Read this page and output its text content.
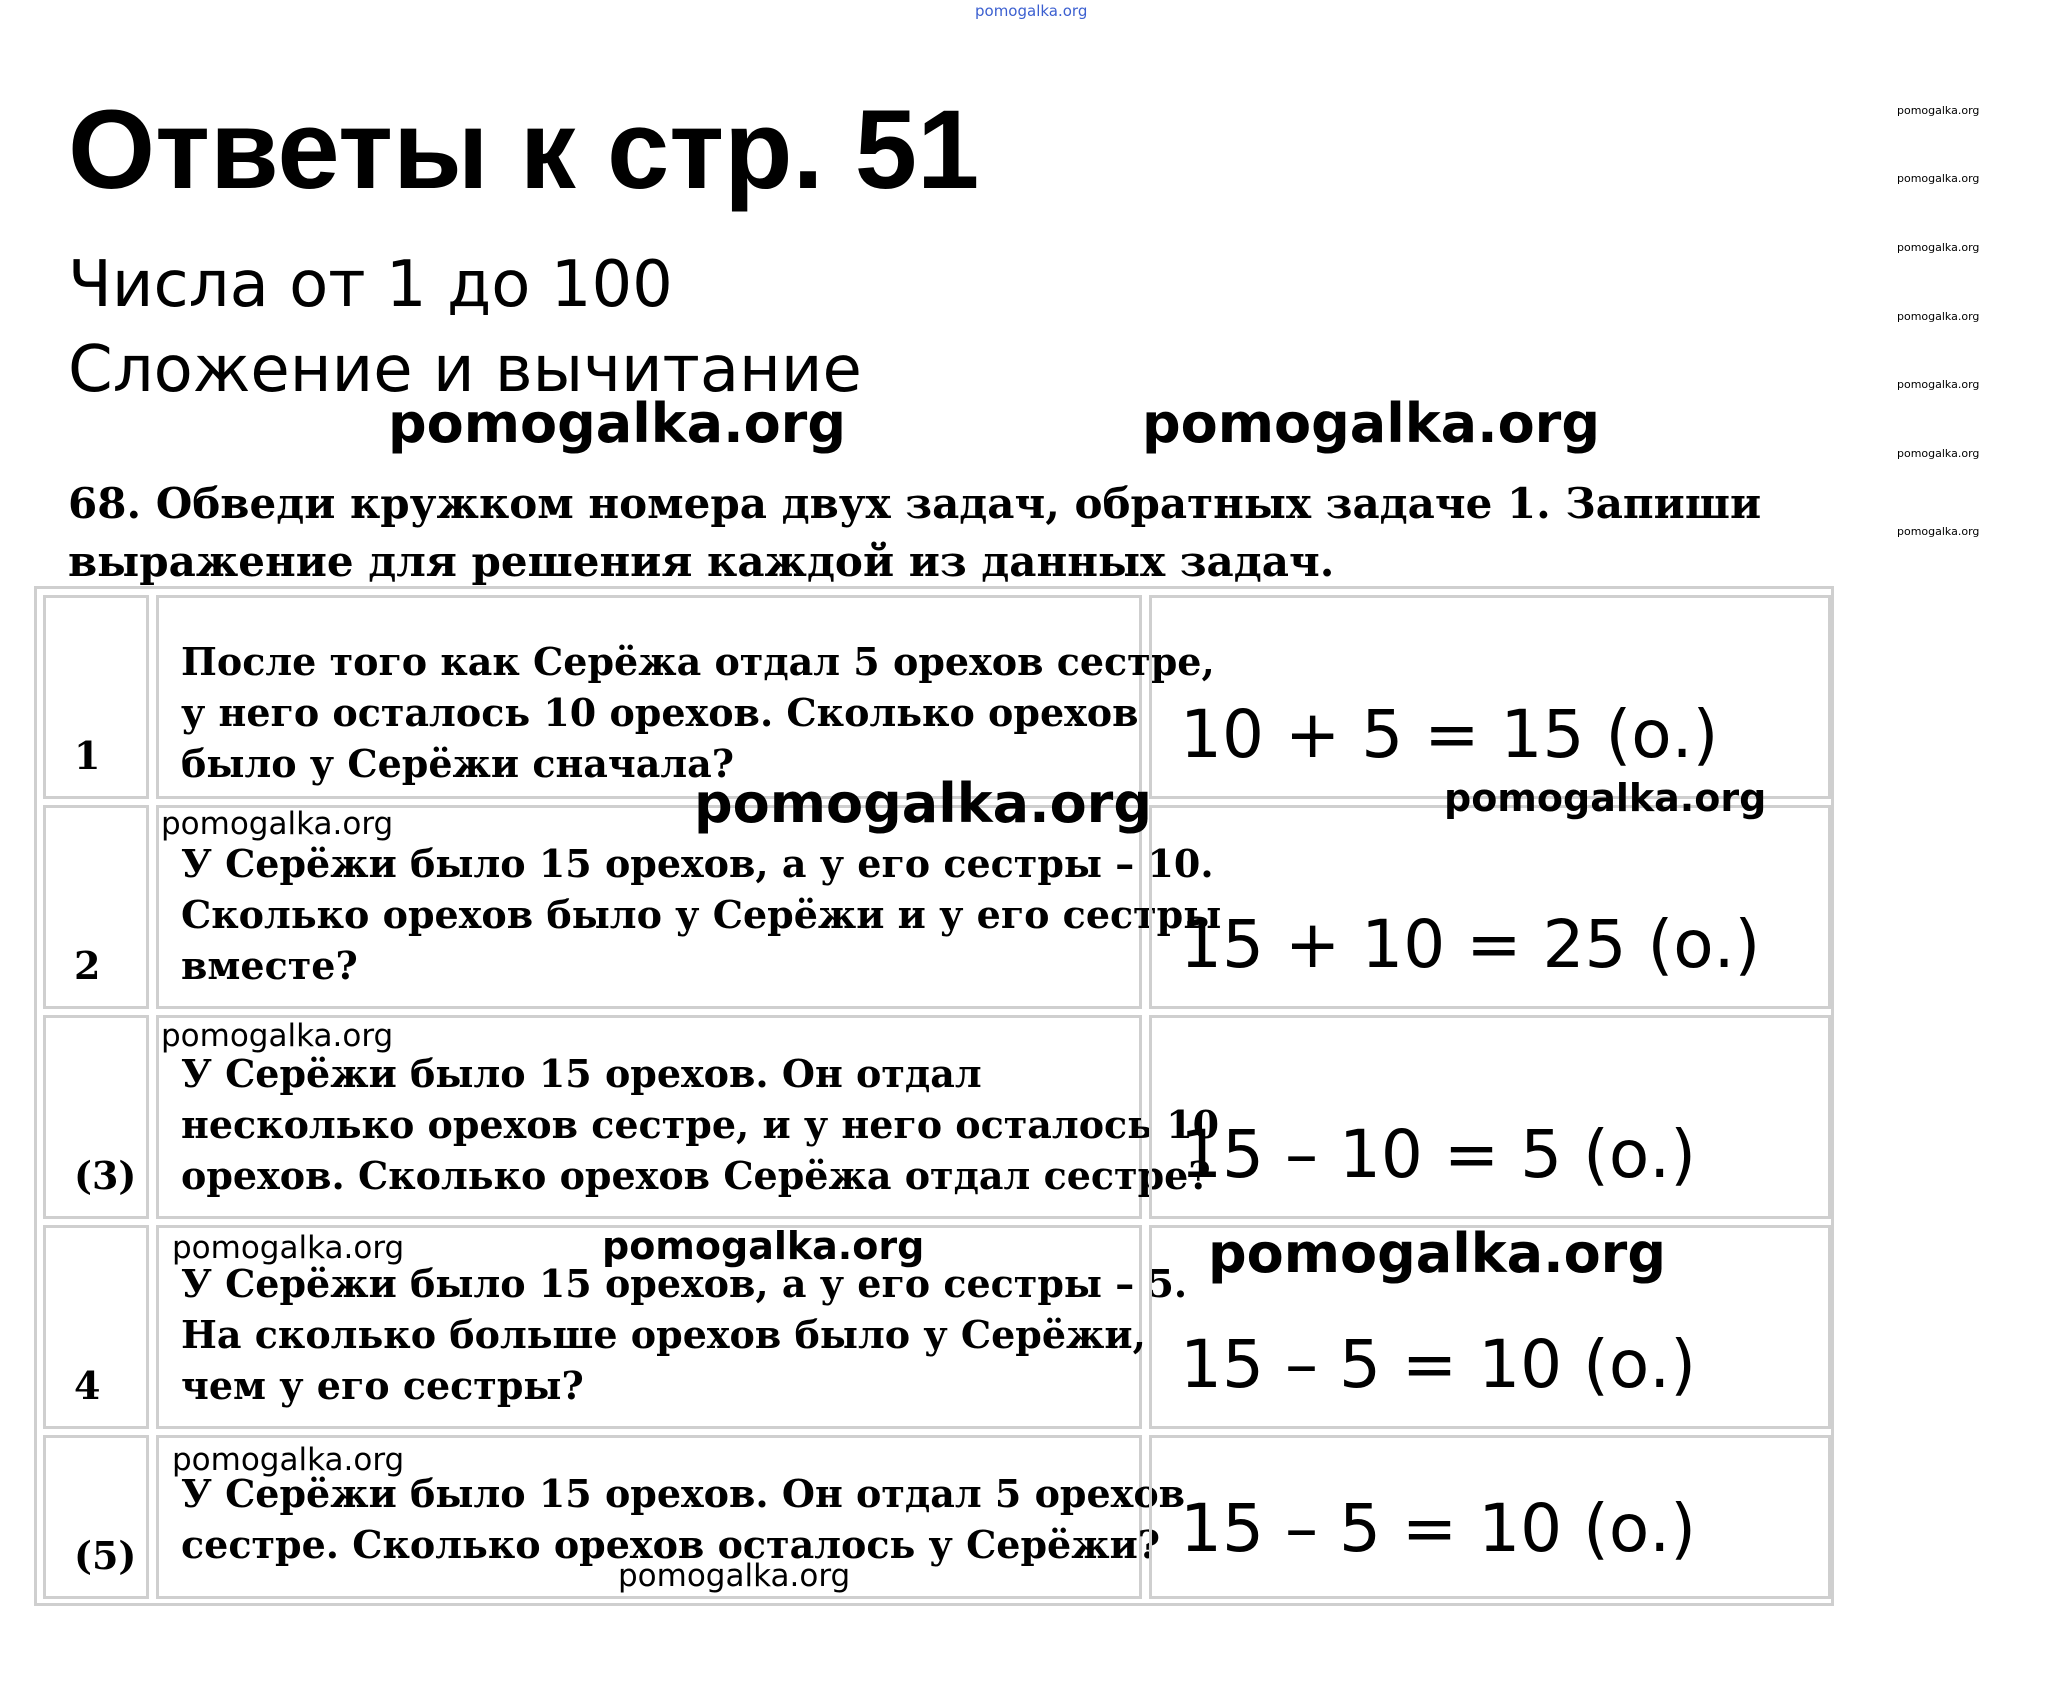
pomogalka.org
Ответы к стр. 51
Числа от 1 до 100
Сложение и вычитание
pomogalka.org
pomogalka.org
pomogalka.org
pomogalka.org
pomogalka.org
pomogalka.org
pomogalka.org
pomogalka.org	pomogalka.org
68. Обведи кружком номера двух задач, обратных задаче 1. Запиши выражение для решения каждой из данных задач.
1
После того как Серёжа отдал 5 орехов сестре,
у него осталось 10 орехов. Сколько орехов
было у Серёжи сначала?	10 + 5 = 15 (о.)
2
У Серёжи было 15 орехов, а у его сестры – 10.
Сколько орехов было у Серёжи и у его сестры
вместе?	15 + 10 = 25 (о.)
(3)
У Серёжи было 15 орехов. Он отдал
несколько орехов сестре, и у него осталось 10
орехов. Сколько орехов Серёжа отдал сестре?
15 – 10 = 5 (о.)
4
У Серёжи было 15 орехов, а у его сестры – 5.
На сколько больше орехов было у Серёжи,
чем у его сестры?	15 – 5 = 10 (о.)
(5)
У Серёжи было 15 орехов. Он отдал 5 орехов
сестре. Сколько орехов осталось у Серёжи? 15 – 5 = 10 (о.)
pomogalka.org	pomogalka.org
pomogalka.org
pomogalka.org
pomogalka.org	pomogalka.org	pomogalka.org
pomogalka.org
pomogalka.org
